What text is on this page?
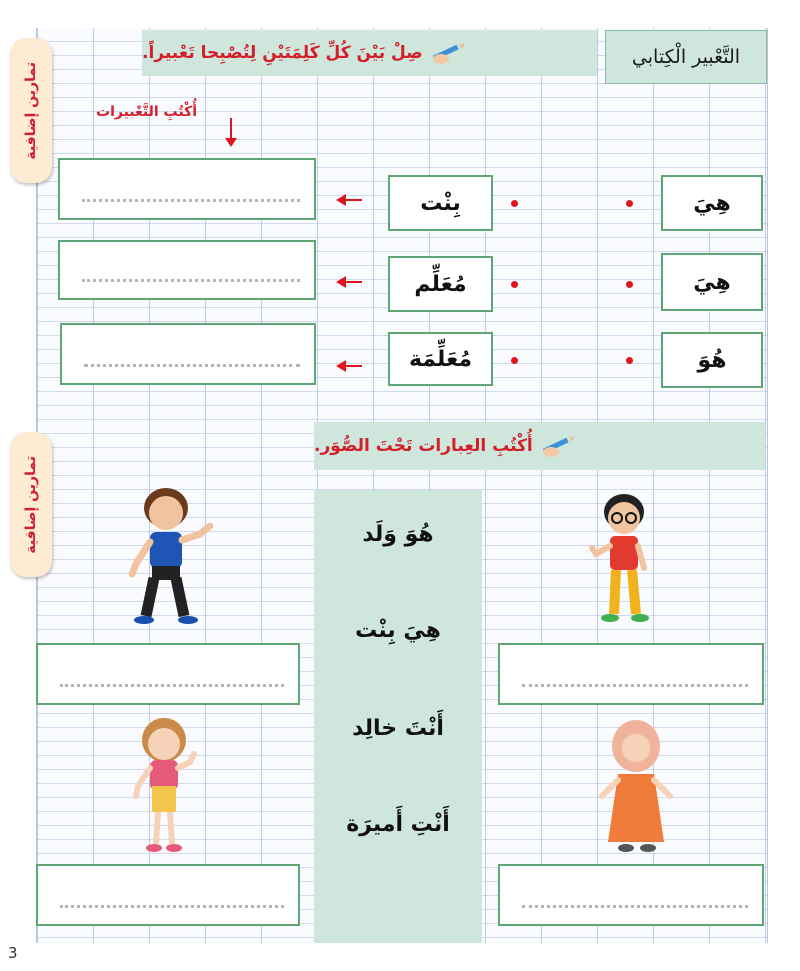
تمارين إضافية
تمارين إضافية
التَّعْبير الْكِتابي
صِلْ بَيْنَ كُلِّ كَلِمَتَيْنِ لِتُصْبِحا تَعْبيراً.
أُكْتُبِ التَّعْبيرات
بِنْت	هِيَ
مُعَلِّم	هِيَ
مُعَلِّمَة	هُوَ
أُكْتُبِ العِبارات تَحْتَ الصُّوَر.
هُوَ وَلَد
هِيَ بِنْت
أَنْتَ خالِد
أَنْتِ أَميرَة
3
